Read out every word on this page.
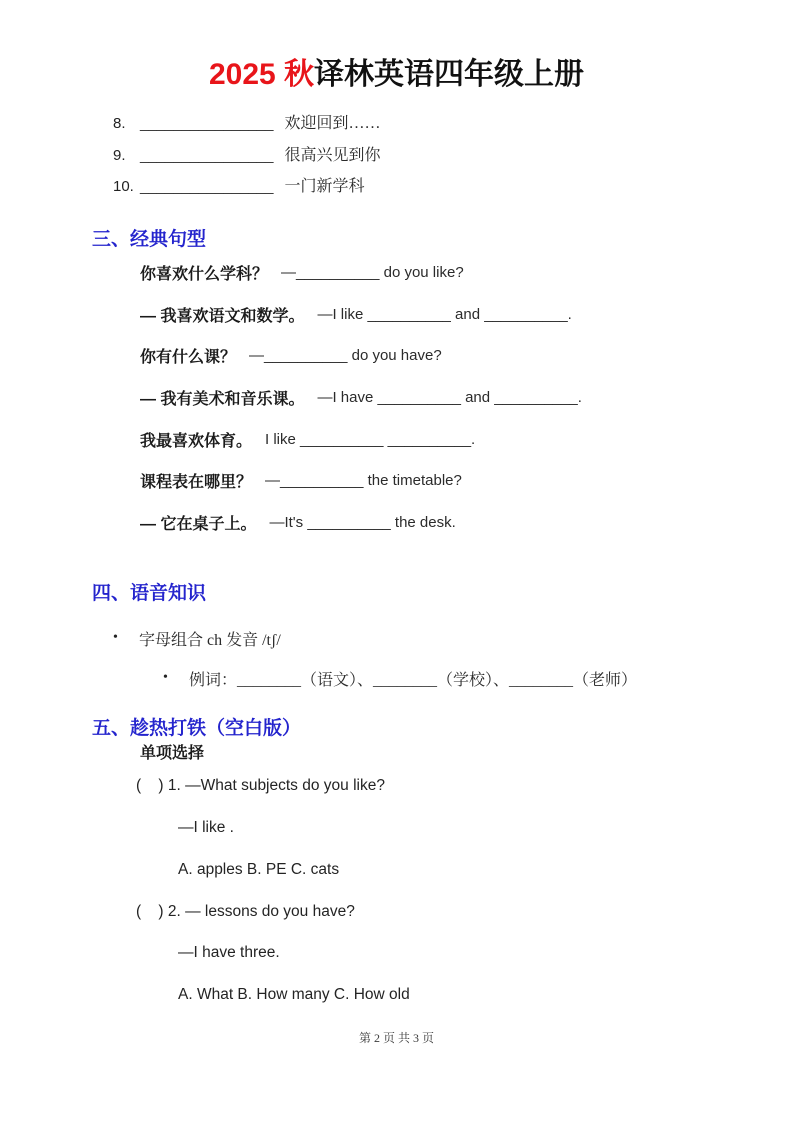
2025 秋译林英语四年级上册
8. ________________ 欢迎回到……
9. ________________ 很高兴见到你
10. ________________ 一门新学科
三、经典句型
你喜欢什么学科？ —__________ do you like?
— 我喜欢语文和数学。 —I like __________ and __________.
你有什么课？ —__________ do you have?
— 我有美术和音乐课。 —I have __________ and __________.
我最喜欢体育。 I like __________ __________.
课程表在哪里？ —__________ the timetable?
— 它在桌子上。 —It's __________ the desk.
四、语音知识
•	字母组合 ch 发音 /tʃ/
•	例词：________（语文）、________（学校）、________（老师）
五、趁热打铁（空白版）
单项选择
(    ) 1. —What subjects do you like?
—I like .
A. apples B. PE C. cats
(    ) 2. — lessons do you have?
—I have three.
A. What B. How many C. How old
第 2 页 共 3 页
